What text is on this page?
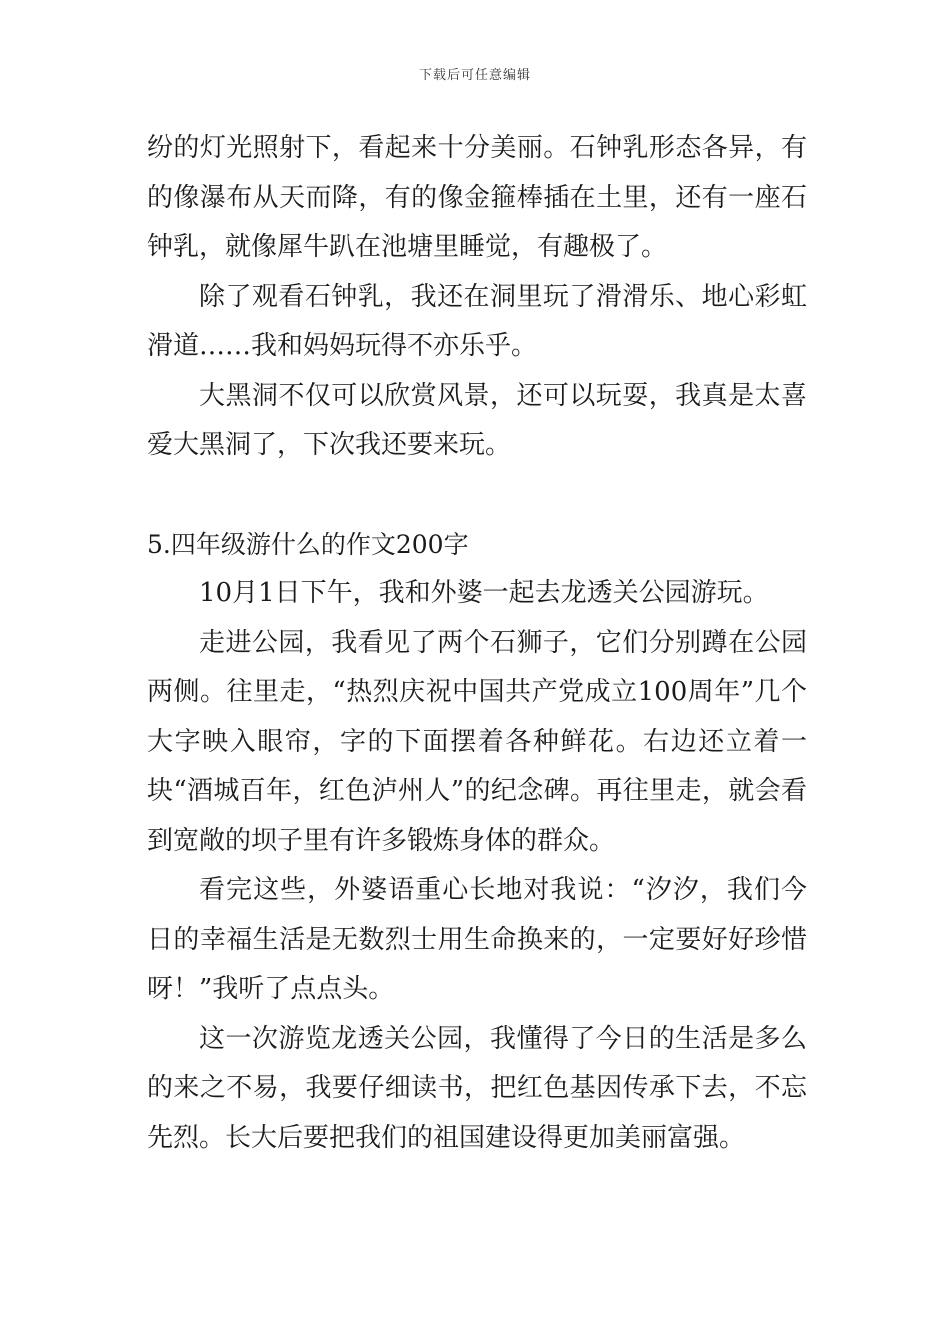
下载后可任意编辑

纷的灯光照射下，看起来十分美丽。石钟乳形态各异，有的像瀑布从天而降，有的像金箍棒插在土里，还有一座石钟乳，就像犀牛趴在池塘里睡觉，有趣极了。

除了观看石钟乳，我还在洞里玩了滑滑乐、地心彩虹滑道……我和妈妈玩得不亦乐乎。

大黑洞不仅可以欣赏风景，还可以玩耍，我真是太喜爱大黑洞了，下次我还要来玩。

5.四年级游什么的作文200字

10月1日下午，我和外婆一起去龙透关公园游玩。

走进公园，我看见了两个石狮子，它们分别蹲在公园两侧。往里走，“热烈庆祝中国共产党成立100周年”几个大字映入眼帘，字的下面摆着各种鲜花。右边还立着一块“酒城百年，红色泸州人”的纪念碑。再往里走，就会看到宽敞的坝子里有许多锻炼身体的群众。

看完这些，外婆语重心长地对我说：“汐汐，我们今日的幸福生活是无数烈士用生命换来的，一定要好好珍惜呀！”我听了点点头。

这一次游览龙透关公园，我懂得了今日的生活是多么的来之不易，我要仔细读书，把红色基因传承下去，不忘先烈。长大后要把我们的祖国建设得更加美丽富强。
